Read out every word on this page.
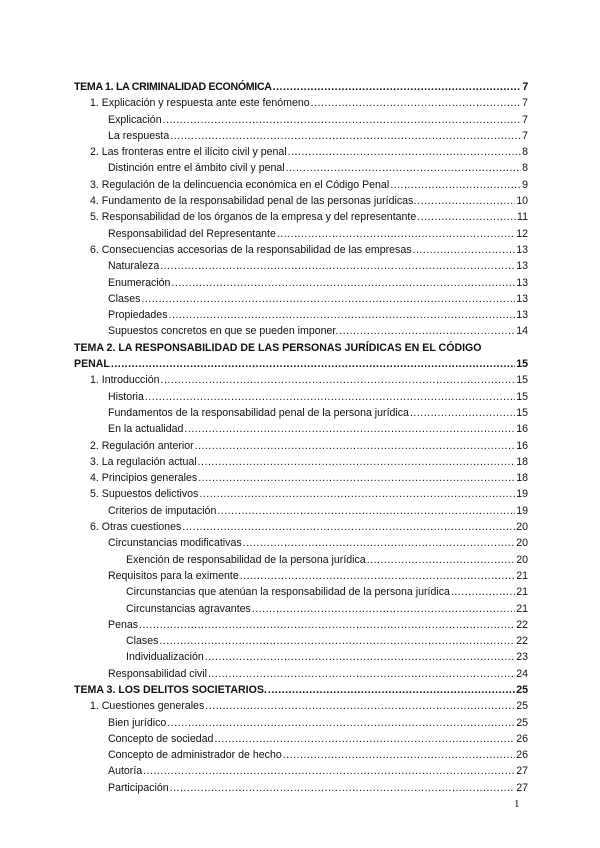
TEMA 1. LA CRIMINALIDAD ECONÓMICA .....	7
1. Explicación y respuesta ante este fenómeno .....	7
Explicación .....	7
La respuesta .....	7
2. Las fronteras entre el ilícito civil y penal .....	8
Distinción entre el ámbito civil y penal .....	8
3. Regulación de la delincuencia económica en el Código Penal .....	9
4. Fundamento de la responsabilidad penal de las personas jurídicas. .....	10
5. Responsabilidad de los órganos de la empresa y del representante .....	11
Responsabilidad del Representante .....	12
6. Consecuencias accesorias de la responsabilidad de las empresas .....	13
Naturaleza .....	13
Enumeración .....	13
Clases .....	13
Propiedades .....	13
Supuestos concretos en que se pueden imponer. .....	14
TEMA 2. LA RESPONSABILIDAD DE LAS PERSONAS JURÍDICAS EN EL CÓDIGO
PENAL .....	15
1. Introducción .....	15
Historia .....	15
Fundamentos de la responsabilidad penal de la persona jurídica .....	15
En la actualidad .....	16
2. Regulación anterior .....	16
3. La regulación actual .....	18
4. Principios generales .....	18
5. Supuestos delictivos .....	19
Criterios de imputación .....	19
6. Otras cuestiones .....	20
Circunstancias modificativas .....	20
Exención de responsabilidad de la persona jurídica .....	20
Requisitos para la eximente .....	21
Circunstancias que atenúan la responsabilidad de la persona jurídica .....	21
Circunstancias agravantes .....	21
Penas .....	22
Clases .....	22
Individualización .....	23
Responsabilidad civil .....	24
TEMA 3. LOS DELITOS SOCIETARIOS. .....	25
1. Cuestiones generales .....	25
Bien jurídico .....	25
Concepto de sociedad .....	26
Concepto de administrador de hecho .....	26
Autoría .....	27
Participación .....	27
1
